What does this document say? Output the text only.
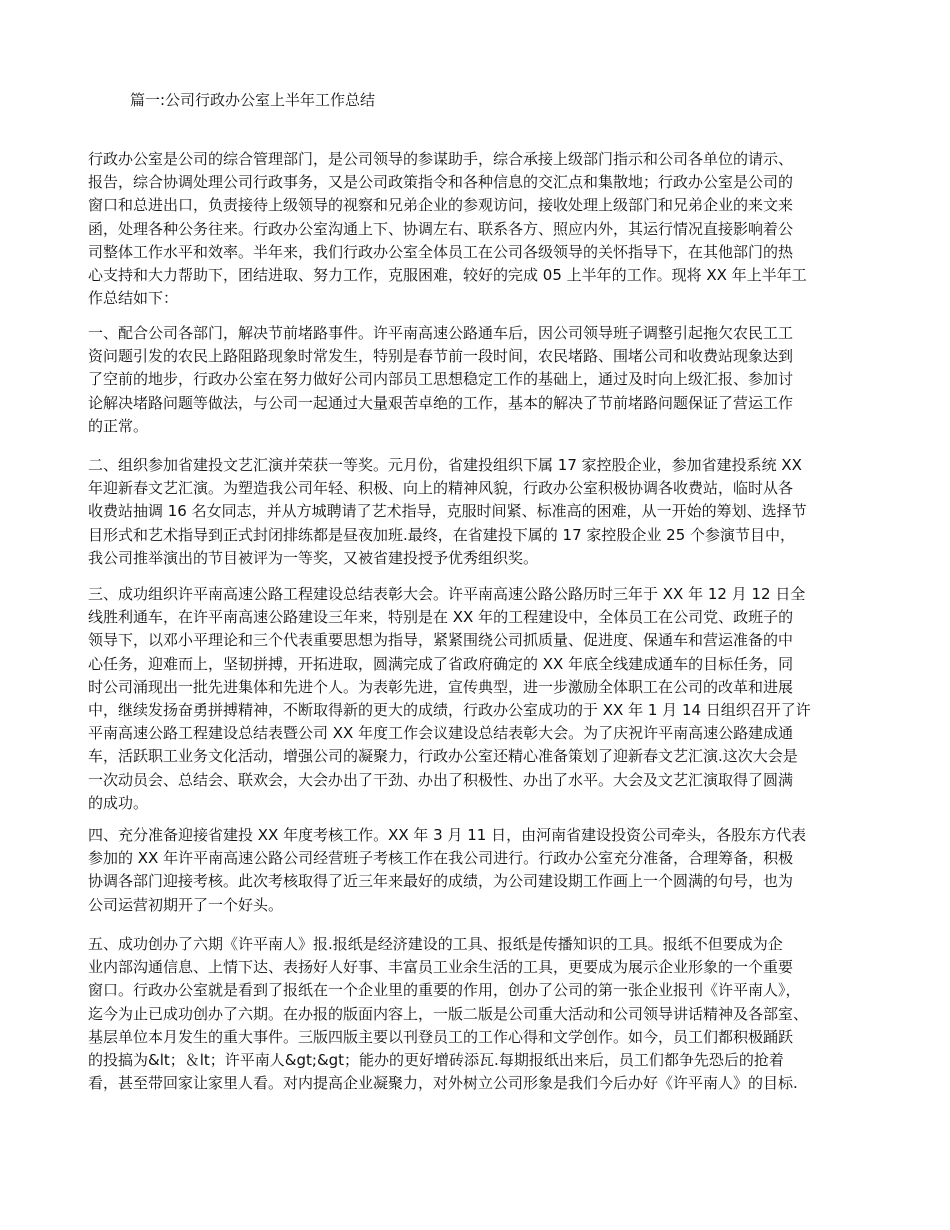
篇一:公司行政办公室上半年工作总结
行政办公室是公司的综合管理部门，是公司领导的参谋助手，综合承接上级部门指示和公司各单位的请示、
报告，综合协调处理公司行政事务，又是公司政策指令和各种信息的交汇点和集散地；行政办公室是公司的
窗口和总进出口，负责接待上级领导的视察和兄弟企业的参观访问，接收处理上级部门和兄弟企业的来文来
函，处理各种公务往来。行政办公室沟通上下、协调左右、联系各方、照应内外，其运行情况直接影响着公
司整体工作水平和效率。半年来，我们行政办公室全体员工在公司各级领导的关怀指导下，在其他部门的热
心支持和大力帮助下，团结进取、努力工作，克服困难，较好的完成 05 上半年的工作。现将 XX 年上半年工
作总结如下：
一、配合公司各部门，解决节前堵路事件。许平南高速公路通车后，因公司领导班子调整引起拖欠农民工工
资问题引发的农民上路阻路现象时常发生，特别是春节前一段时间，农民堵路、围堵公司和收费站现象达到
了空前的地步，行政办公室在努力做好公司内部员工思想稳定工作的基础上，通过及时向上级汇报、参加讨
论解决堵路问题等做法，与公司一起通过大量艰苦卓绝的工作，基本的解决了节前堵路问题保证了营运工作
的正常。
二、组织参加省建投文艺汇演并荣获一等奖。元月份，省建投组织下属 17 家控股企业，参加省建投系统 XX
年迎新春文艺汇演。为塑造我公司年轻、积极、向上的精神风貌，行政办公室积极协调各收费站，临时从各
收费站抽调 16 名女同志，并从方城聘请了艺术指导，克服时间紧、标准高的困难，从一开始的筹划、选择节
目形式和艺术指导到正式封闭排练都是昼夜加班.最终，在省建投下属的 17 家控股企业 25 个参演节目中，
我公司推举演出的节目被评为一等奖，又被省建投授予优秀组织奖。
三、成功组织许平南高速公路工程建设总结表彰大会。许平南高速公路公路历时三年于 XX 年 12 月 12 日全
线胜利通车，在许平南高速公路建设三年来，特别是在 XX 年的工程建设中，全体员工在公司党、政班子的
领导下，以邓小平理论和三个代表重要思想为指导，紧紧围绕公司抓质量、促进度、保通车和营运准备的中
心任务，迎难而上，坚韧拼搏，开拓进取，圆满完成了省政府确定的 XX 年底全线建成通车的目标任务，同
时公司涌现出一批先进集体和先进个人。为表彰先进，宣传典型，进一步激励全体职工在公司的改革和进展
中，继续发扬奋勇拼搏精神，不断取得新的更大的成绩，行政办公室成功的于 XX 年 1 月 14 日组织召开了许
平南高速公路工程建设总结表暨公司 XX 年度工作会议建设总结表彰大会。为了庆祝许平南高速公路建成通
车，活跃职工业务文化活动，增强公司的凝聚力，行政办公室还精心准备策划了迎新春文艺汇演.这次大会是
一次动员会、总结会、联欢会，大会办出了干劲、办出了积极性、办出了水平。大会及文艺汇演取得了圆满
的成功。
四、充分准备迎接省建投 XX 年度考核工作。XX 年 3 月 11 日，由河南省建设投资公司牵头，各股东方代表
参加的 XX 年许平南高速公路公司经营班子考核工作在我公司进行。行政办公室充分准备，合理筹备，积极
协调各部门迎接考核。此次考核取得了近三年来最好的成绩，为公司建设期工作画上一个圆满的句号，也为
公司运营初期开了一个好头。
五、成功创办了六期《许平南人》报.报纸是经济建设的工具、报纸是传播知识的工具。报纸不但要成为企
业内部沟通信息、上情下达、表扬好人好事、丰富员工业余生活的工具，更要成为展示企业形象的一个重要
窗口。行政办公室就是看到了报纸在一个企业里的重要的作用，创办了公司的第一张企业报刊《许平南人》，
迄今为止已成功创办了六期。在办报的版面内容上，一版二版是公司重大活动和公司领导讲话精神及各部室、
基层单位本月发生的重大事件。三版四版主要以刊登员工的工作心得和文学创作。如今，员工们都积极踊跃
的投搞为&lt；＆lt；许平南人&gt;&gt；能办的更好增砖添瓦.每期报纸出来后，员工们都争先恐后的抢着
看，甚至带回家让家里人看。对内提高企业凝聚力，对外树立公司形象是我们今后办好《许平南人》的目标.
